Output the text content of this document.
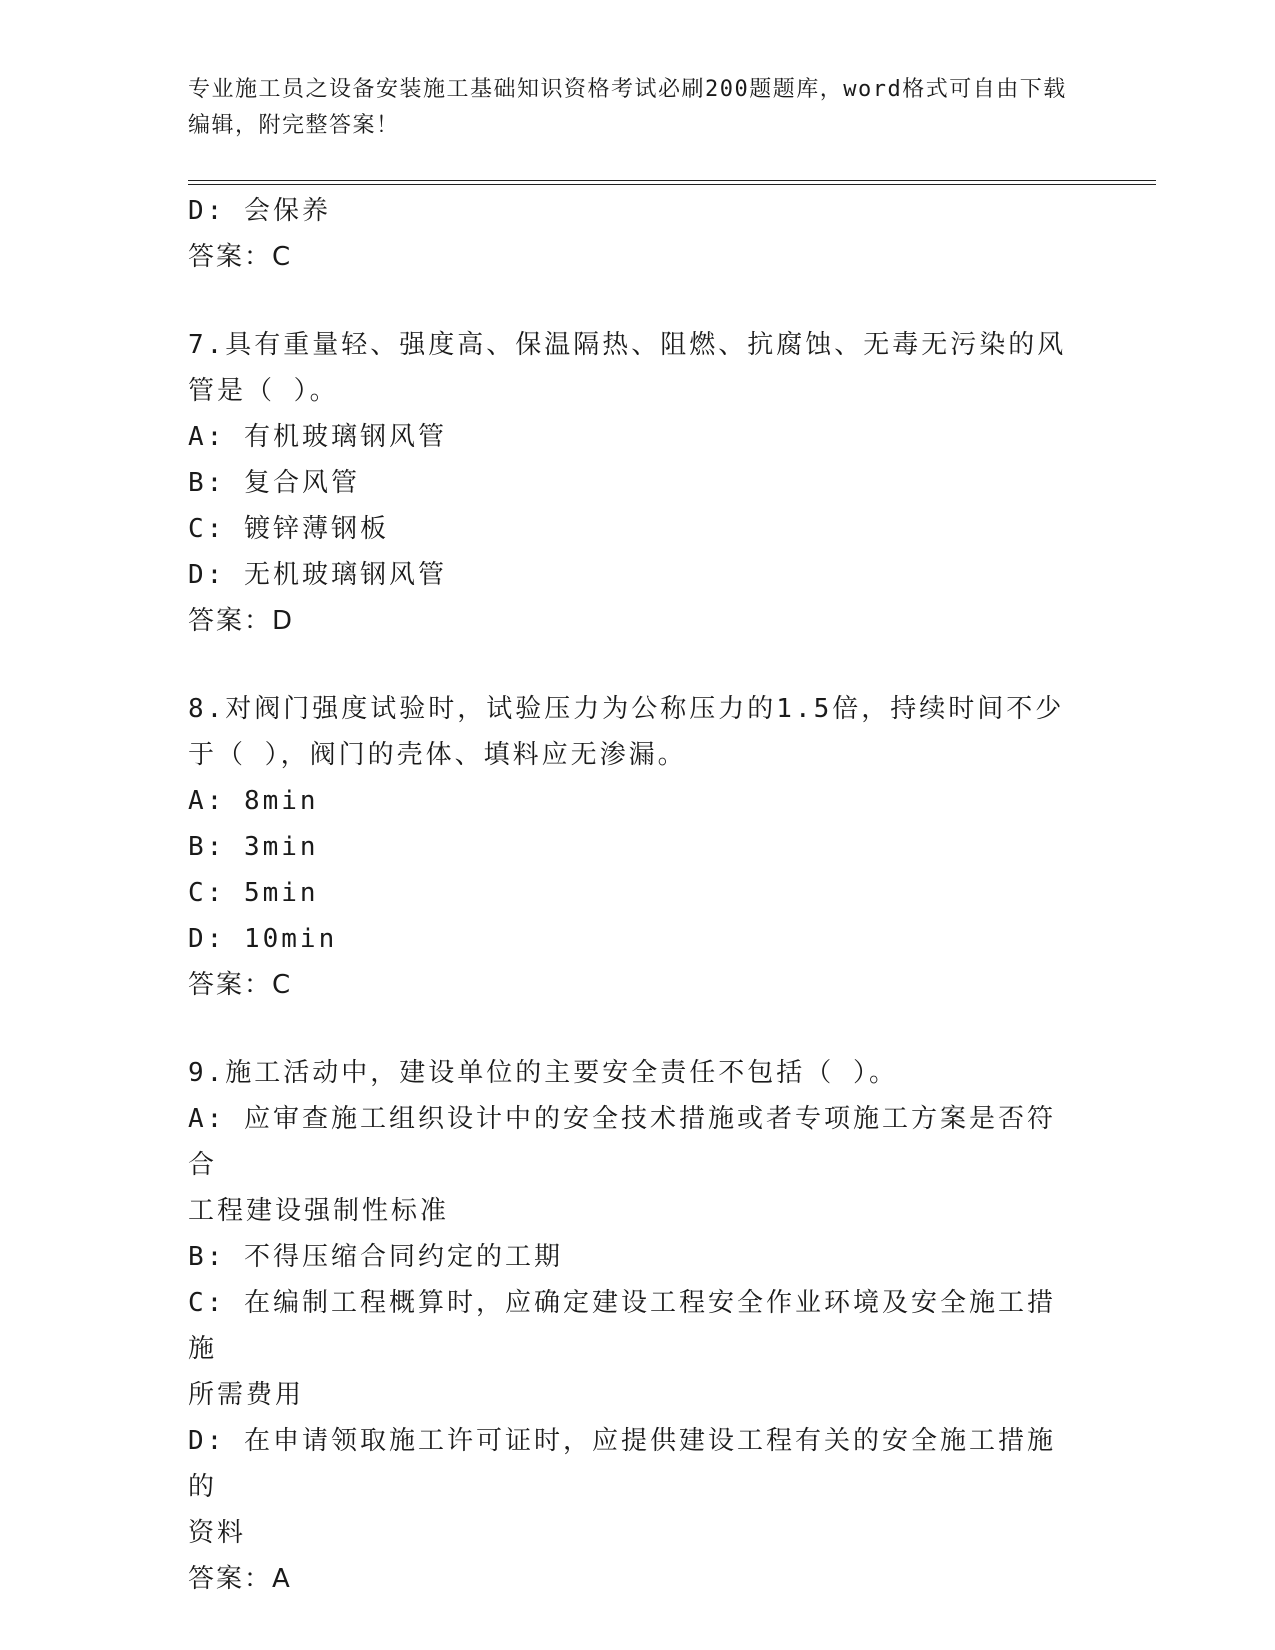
专业施工员之设备安装施工基础知识资格考试必刷200题题库，word格式可自由下载编辑，附完整答案！
D: 会保养
答案：C
7.具有重量轻、强度高、保温隔热、阻燃、抗腐蚀、无毒无污染的风
管是（ ）。
A: 有机玻璃钢风管
B: 复合风管
C: 镀锌薄钢板
D: 无机玻璃钢风管
答案：D
8.对阀门强度试验时，试验压力为公称压力的1.5倍，持续时间不少
于（ ），阀门的壳体、填料应无渗漏。
A: 8min
B: 3min
C: 5min
D: 10min
答案：C
9.施工活动中，建设单位的主要安全责任不包括（ ）。
A: 应审查施工组织设计中的安全技术措施或者专项施工方案是否符合
工程建设强制性标准
B: 不得压缩合同约定的工期
C: 在编制工程概算时，应确定建设工程安全作业环境及安全施工措施
所需费用
D: 在申请领取施工许可证时，应提供建设工程有关的安全施工措施的
资料
答案：A
